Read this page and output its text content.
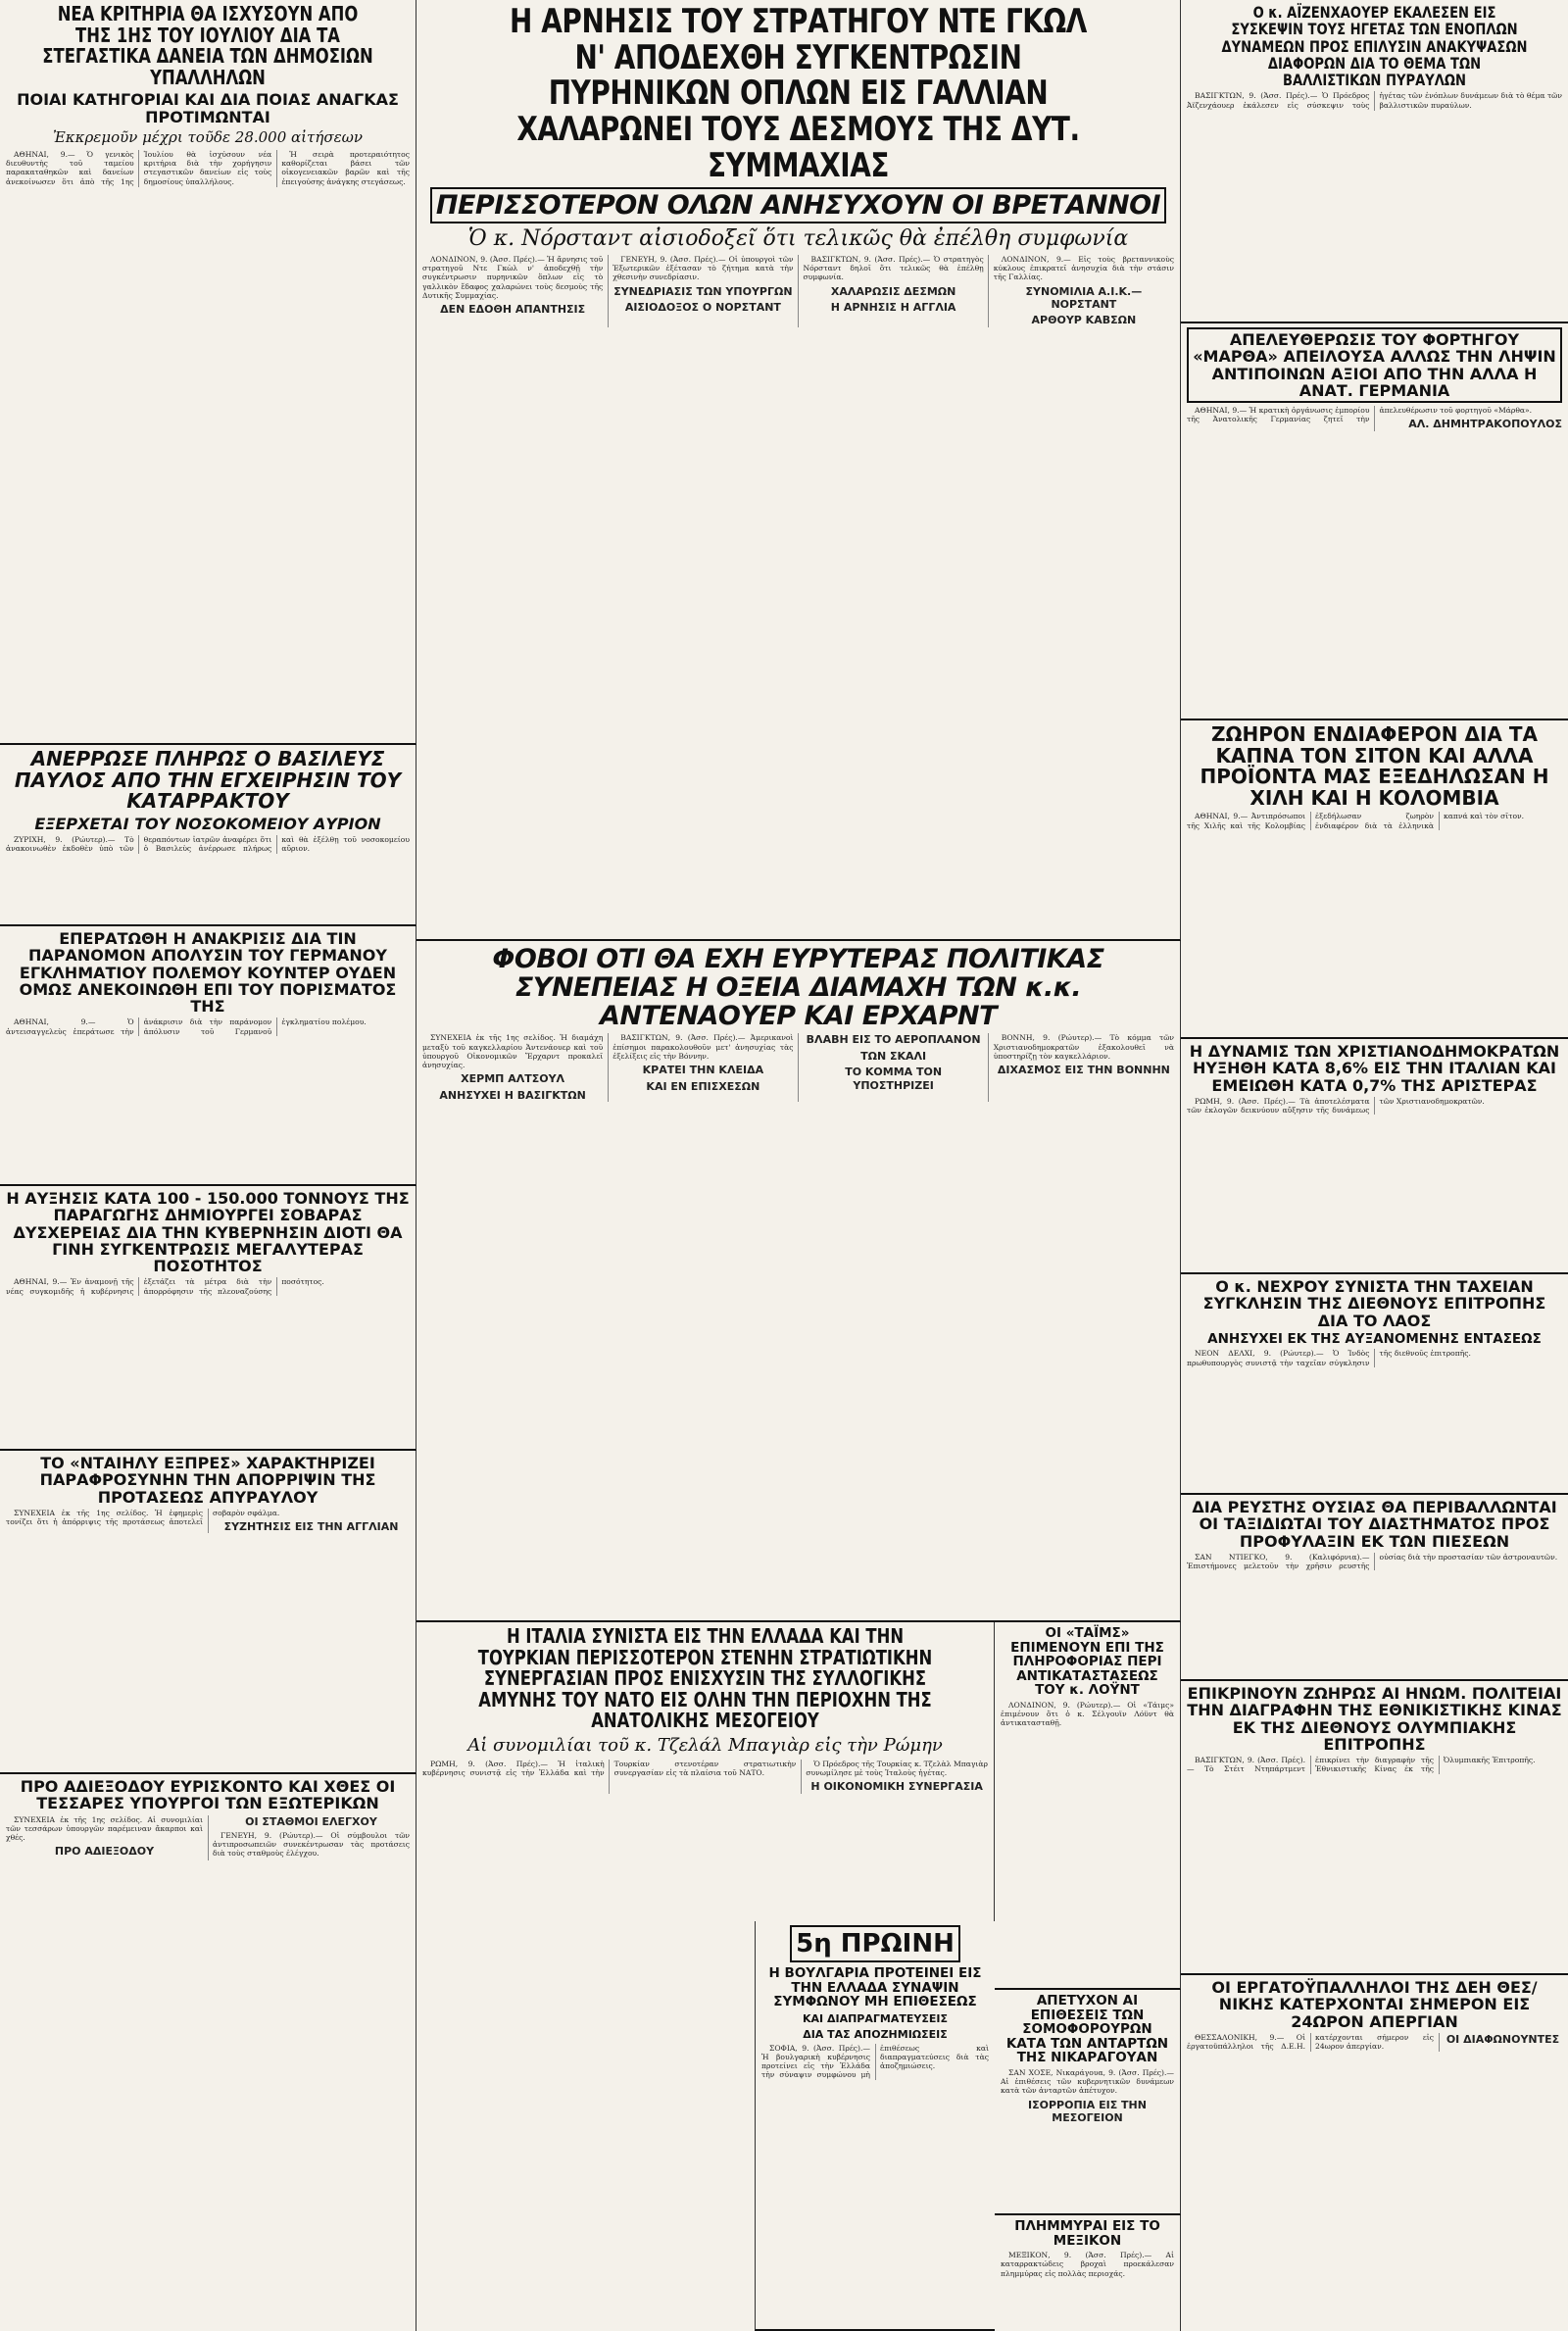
ΝΕΑ ΚΡΙΤΗΡΙΑ ΘΑ ΙΣΧΥΣΟΥΝ ΑΠΟ ΤΗΣ 1ΗΣ ΤΟΥ ΙΟΥΛΙΟΥ ΔΙΑ ΤΑ ΣΤΕΓΑΣΤΙΚΑ ΔΑΝΕΙΑ ΤΩΝ ΔΗΜΟΣΙΩΝ ΥΠΑΛΛΗΛΩΝ
ΠΟΙΑΙ ΚΑΤΗΓΟΡΙΑΙ ΚΑΙ ΔΙΑ ΠΟΙΑΣ ΑΝΑΓΚΑΣ ΠΡΟΤΙΜΩΝΤΑΙ
Ἐκκρεμοῦν μέχρι τοῦδε 28.000 αἰτήσεων

ΑΘΗΝΑΙ, 9.— Ὁ γενικὸς διευθυντὴς τοῦ ταμείου παρακαταθηκῶν καὶ δανείων ἀνεκοίνωσεν ὅτι ἀπὸ τῆς 1ης Ἰουλίου θὰ ἰσχύσουν νέα κριτήρια διὰ τὴν χορήγησιν στεγαστικῶν δανείων εἰς τοὺς δημοσίους ὑπαλλήλους.

Ἡ σειρὰ προτεραιότητος καθορίζεται βάσει τῶν οἰκογενειακῶν βαρῶν καὶ τῆς ἐπειγούσης ἀνάγκης στεγάσεως.

ΑΝΕΡΡΩΣΕ ΠΛΗΡΩΣ Ο ΒΑΣΙΛΕΥΣ ΠΑΥΛΟΣ ΑΠΟ ΤΗΝ ΕΓΧΕΙΡΗΣΙΝ ΤΟΥ ΚΑΤΑΡΡΑΚΤΟΥ
ΕΞΕΡΧΕΤΑΙ ΤΟΥ ΝΟΣΟΚΟΜΕΙΟΥ ΑΥΡΙΟΝ

ΖΥΡΙΧΗ, 9. (Ρώυτερ).— Τὸ ἀνακοινωθὲν ἐκδοθὲν ὑπὸ τῶν θεραπόντων ἰατρῶν ἀναφέρει ὅτι ὁ Βασιλεὺς ἀνέρρωσε πλήρως καὶ θὰ ἐξέλθῃ τοῦ νοσοκομείου αὔριον.

ΕΠΕΡΑΤΩΘΗ Η ΑΝΑΚΡΙΣΙΣ ΔΙΑ ΤΙΝ ΠΑΡΑΝΟΜΟΝ ΑΠΟΛΥΣΙΝ ΤΟΥ ΓΕΡΜΑΝΟΥ ΕΓΚΛΗΜΑΤΙΟΥ ΠΟΛΕΜΟΥ ΚΟΥΝΤΕΡ ΟΥΔΕΝ ΟΜΩΣ ΑΝΕΚΟΙΝΩΘΗ ΕΠΙ ΤΟΥ ΠΟΡΙΣΜΑΤΟΣ ΤΗΣ

ΑΘΗΝΑΙ, 9.— Ὁ ἀντεισαγγελεὺς ἐπεράτωσε τὴν ἀνάκρισιν διὰ τὴν παράνομον ἀπόλυσιν τοῦ Γερμανοῦ ἐγκληματίου πολέμου.

Η ΑΥΞΗΣΙΣ ΚΑΤΑ 100 - 150.000 ΤΟΝΝΟΥΣ ΤΗΣ ΠΑΡΑΓΩΓΗΣ ΔΗΜΙΟΥΡΓΕΙ ΣΟΒΑΡΑΣ ΔΥΣΧΕΡΕΙΑΣ ΔΙΑ ΤΗΝ ΚΥΒΕΡΝΗΣΙΝ ΔΙΟΤΙ ΘΑ ΓΙΝΗ ΣΥΓΚΕΝΤΡΩΣΙΣ ΜΕΓΑΛΥΤΕΡΑΣ ΠΟΣΟΤΗΤΟΣ

ΑΘΗΝΑΙ, 9.— Ἐν ἀναμονῇ τῆς νέας συγκομιδῆς ἡ κυβέρνησις ἐξετάζει τὰ μέτρα διὰ τὴν ἀπορρόφησιν τῆς πλεοναζούσης ποσότητος.

ΤΟ «ΝΤΑΙΗΛΥ ΕΞΠΡΕΣ» ΧΑΡΑΚΤΗΡΙΖΕΙ ΠΑΡΑΦΡΟΣΥΝΗΝ ΤΗΝ ΑΠΟΡΡΙΨΙΝ ΤΗΣ ΠΡΟΤΑΣΕΩΣ ΑΠΥΡΑΥΛΟΥ

ΣΥΝΕΧΕΙΑ ἐκ τῆς 1ης σελίδος. Ἡ ἐφημερὶς τονίζει ὅτι ἡ ἀπόρριψις τῆς προτάσεως ἀποτελεῖ σοβαρὸν σφάλμα.

ΣΥΖΗΤΗΣΙΣ ΕΙΣ ΤΗΝ ΑΓΓΛΙΑΝ
ΠΡΟ ΑΔΙΕΞΟΔΟΥ ΕΥΡΙΣΚΟΝΤΟ ΚΑΙ ΧΘΕΣ ΟΙ ΤΕΣΣΑΡΕΣ ΥΠΟΥΡΓΟΙ ΤΩΝ ΕΞΩΤΕΡΙΚΩΝ

ΣΥΝΕΧΕΙΑ ἐκ τῆς 1ης σελίδος. Αἱ συνομιλίαι τῶν τεσσάρων ὑπουργῶν παρέμειναν ἄκαρποι καὶ χθές.

ΠΡΟ ΑΔΙΕΞΟΔΟΥ
ΟΙ ΣΤΑΘΜΟΙ ΕΛΕΓΧΟΥ

ΓΕΝΕΥΗ, 9. (Ρώυτερ).— Οἱ σύμβουλοι τῶν ἀντιπροσωπειῶν συνεκέντρωσαν τὰς προτάσεις διὰ τοὺς σταθμοὺς ἐλέγχου.

Η ΑΡΝΗΣΙΣ ΤΟΥ ΣΤΡΑΤΗΓΟΥ ΝΤΕ ΓΚΩΛ Ν' ΑΠΟΔΕΧΘΗ ΣΥΓΚΕΝΤΡΩΣΙΝ ΠΥΡΗΝΙΚΩΝ ΟΠΛΩΝ ΕΙΣ ΓΑΛΛΙΑΝ ΧΑΛΑΡΩΝΕΙ ΤΟΥΣ ΔΕΣΜΟΥΣ ΤΗΣ ΔΥΤ. ΣΥΜΜΑΧΙΑΣ
ΠΕΡΙΣΣΟΤΕΡΟΝ ΟΛΩΝ ΑΝΗΣΥΧΟΥΝ ΟΙ ΒΡΕΤΑΝΝΟΙ
Ὁ κ. Νόρσταντ αἰσιοδοξεῖ ὅτι τελικῶς θὰ ἐπέλθη συμφωνία

ΛΟΝΔΙΝΟΝ, 9. (Ἀσσ. Πρές).— Ἡ ἄρνησις τοῦ στρατηγοῦ Ντε Γκὼλ ν' ἀποδεχθῇ τὴν συγκέντρωσιν πυρηνικῶν ὅπλων εἰς τὸ γαλλικὸν ἔδαφος χαλαρώνει τοὺς δεσμοὺς τῆς Δυτικῆς Συμμαχίας.

ΔΕΝ ΕΔΟΘΗ ΑΠΑΝΤΗΣΙΣ

ΓΕΝΕΥΗ, 9. (Ἀσσ. Πρές).— Οἱ ὑπουργοὶ τῶν Ἐξωτερικῶν ἐξέτασαν τὸ ζήτημα κατὰ τὴν χθεσινὴν συνεδρίασιν.

ΣΥΝΕΔΡΙΑΣΙΣ ΤΩΝ ΥΠΟΥΡΓΩΝ
ΑΙΣΙΟΔΟΞΟΣ Ο ΝΟΡΣΤΑΝΤ

ΒΑΣΙΓΚΤΩΝ, 9. (Ἀσσ. Πρές).— Ὁ στρατηγὸς Νόρσταντ δηλοῖ ὅτι τελικῶς θὰ ἐπέλθῃ συμφωνία.

ΧΑΛΑΡΩΣΙΣ ΔΕΣΜΩΝ
Η ΑΡΝΗΣΙΣ Η ΑΓΓΛΙΑ

ΛΟΝΔΙΝΟΝ, 9.— Εἰς τοὺς βρεταννικοὺς κύκλους ἐπικρατεῖ ἀνησυχία διὰ τὴν στάσιν τῆς Γαλλίας.

ΣΥΝΟΜΙΛΙΑ Α.Ι.Κ.—ΝΟΡΣΤΑΝΤ
ΑΡΘΟΥΡ ΚΑΒΣΩΝ
ΦΟΒΟΙ ΟΤΙ ΘΑ ΕΧΗ ΕΥΡΥΤΕΡΑΣ ΠΟΛΙΤΙΚΑΣ ΣΥΝΕΠΕΙΑΣ Η ΟΞΕΙΑ ΔΙΑΜΑΧΗ ΤΩΝ κ.κ. ΑΝΤΕΝΑΟΥΕΡ ΚΑΙ ΕΡΧΑΡΝΤ

ΣΥΝΕΧΕΙΑ ἐκ τῆς 1ης σελίδος. Ἡ διαμάχη μεταξὺ τοῦ καγκελλαρίου Ἀντενάουερ καὶ τοῦ ὑπουργοῦ Οἰκονομικῶν Ἔρχαρντ προκαλεῖ ἀνησυχίας.

ΧΕΡΜΠ ΑΛΤΣΟΥΛ
ΑΝΗΣΥΧΕΙ Η ΒΑΣΙΓΚΤΩΝ

ΒΑΣΙΓΚΤΩΝ, 9. (Ἀσσ. Πρές).— Ἀμερικανοὶ ἐπίσημοι παρακολουθοῦν μετ' ἀνησυχίας τὰς ἐξελίξεις εἰς τὴν Βόννην.

ΚΡΑΤΕΙ ΤΗΝ ΚΛΕΙΔΑ
ΚΑΙ ΕΝ ΕΠΙΣΧΕΣΩΝ
ΒΛΑΒΗ ΕΙΣ ΤΟ ΑΕΡΟΠΛΑΝΟΝ
ΤΩΝ ΣΚΑΛΙ
ΤΟ ΚΟΜΜΑ ΤΟΝ ΥΠΟΣΤΗΡΙΖΕΙ

ΒΟΝΝΗ, 9. (Ρώυτερ).— Τὸ κόμμα τῶν Χριστιανοδημοκρατῶν ἐξακολουθεῖ νὰ ὑποστηρίζῃ τὸν καγκελλάριον.

ΔΙΧΑΣΜΟΣ ΕΙΣ ΤΗΝ ΒΟΝΝΗΝ
Η ΙΤΑΛΙΑ ΣΥΝΙΣΤΑ ΕΙΣ ΤΗΝ ΕΛΛΑΔΑ ΚΑΙ ΤΗΝ ΤΟΥΡΚΙΑΝ ΠΕΡΙΣΣΟΤΕΡΟΝ ΣΤΕΝΗΝ ΣΤΡΑΤΙΩΤΙΚΗΝ ΣΥΝΕΡΓΑΣΙΑΝ ΠΡΟΣ ΕΝΙΣΧΥΣΙΝ ΤΗΣ ΣΥΛΛΟΓΙΚΗΣ ΑΜΥΝΗΣ ΤΟΥ ΝΑΤΟ ΕΙΣ ΟΛΗΝ ΤΗΝ ΠΕΡΙΟΧΗΝ ΤΗΣ ΑΝΑΤΟΛΙΚΗΣ ΜΕΣΟΓΕΙΟΥ
Αἱ συνομιλίαι τοῦ κ. Τζελάλ Μπαγιὰρ εἰς τὴν Ρώμην

ΡΩΜΗ, 9. (Ἀσσ. Πρές).— Ἡ ἰταλικὴ κυβέρνησις συνιστᾷ εἰς τὴν Ἑλλάδα καὶ τὴν Τουρκίαν στενοτέραν στρατιωτικὴν συνεργασίαν εἰς τὰ πλαίσια τοῦ ΝΑΤΟ.

Ὁ Πρόεδρος τῆς Τουρκίας κ. Τζελὰλ Μπαγιὰρ συνωμίλησε μὲ τοὺς Ἰταλοὺς ἡγέτας.

Η ΟΙΚΟΝΟΜΙΚΗ ΣΥΝΕΡΓΑΣΙΑ
5η ΠΡΩΙΝΗ
Η ΒΟΥΛΓΑΡΙΑ ΠΡΟΤΕΙΝΕΙ ΕΙΣ ΤΗΝ ΕΛΛΑΔΑ ΣΥΝΑΨΙΝ ΣΥΜΦΩΝΟΥ ΜΗ ΕΠΙΘΕΣΕΩΣ
ΚΑΙ ΔΙΑΠΡΑΓΜΑΤΕΥΣΕΙΣ
ΔΙΑ ΤΑΣ ΑΠΟΖΗΜΙΩΣΕΙΣ

ΣΟΦΙΑ, 9. (Ἀσσ. Πρές).— Ἡ βουλγαρικὴ κυβέρνησις προτείνει εἰς τὴν Ἑλλάδα τὴν σύναψιν συμφώνου μὴ ἐπιθέσεως καὶ διαπραγματεύσεις διὰ τὰς ἀποζημιώσεις.

ΟΙ «ΤΑΪΜΣ» ΕΠΙΜΕΝΟΥΝ ΕΠΙ ΤΗΣ ΠΛΗΡΟΦΟΡΙΑΣ ΠΕΡΙ ΑΝΤΙΚΑΤΑΣΤΑΣΕΩΣ ΤΟΥ κ. ΛΟΫΝΤ

ΛΟΝΔΙΝΟΝ, 9. (Ρώυτερ).— Οἱ «Τάιμς» ἐπιμένουν ὅτι ὁ κ. Σέλγουϊν Λόϋντ θὰ ἀντικατασταθῇ.

ΑΠΕΤΥΧΟΝ ΑΙ ΕΠΙΘΕΣΕΙΣ ΤΩΝ ΣΟΜΟΦΟΡΟΥΡΩΝ ΚΑΤΑ ΤΩΝ ΑΝΤΑΡΤΩΝ ΤΗΣ ΝΙΚΑΡΑΓΟΥΑΝ

ΣΑΝ ΧΟΣΕ, Νικαράγουα, 9. (Ἀσσ. Πρές).— Αἱ ἐπιθέσεις τῶν κυβερνητικῶν δυνάμεων κατὰ τῶν ἀνταρτῶν ἀπέτυχον.

ΙΣΟΡΡΟΠΙΑ ΕΙΣ ΤΗΝ ΜΕΣΟΓΕΙΟΝ
ΠΛΗΜΜΥΡΑΙ ΕΙΣ ΤΟ ΜΕΞΙΚΟΝ

ΜΕΞΙΚΟΝ, 9. (Ἀσσ. Πρές).— Αἱ καταρρακτώδεις βροχαὶ προεκάλεσαν πλημμύρας εἰς πολλὰς περιοχάς.

Ο κ. ΑΪΖΕΝΧΑΟΥΕΡ ΕΚΑΛΕΣΕΝ ΕΙΣ ΣΥΣΚΕΨΙΝ ΤΟΥΣ ΗΓΕΤΑΣ ΤΩΝ ΕΝΟΠΛΩΝ ΔΥΝΑΜΕΩΝ ΠΡΟΣ ΕΠΙΛΥΣΙΝ ΑΝΑΚΥΨΑΣΩΝ ΔΙΑΦΟΡΩΝ ΔΙΑ ΤΟ ΘΕΜΑ ΤΩΝ ΒΑΛΛΙΣΤΙΚΩΝ ΠΥΡΑΥΛΩΝ

ΒΑΣΙΓΚΤΩΝ, 9. (Ἀσσ. Πρές).— Ὁ Πρόεδρος Ἀϊζενχάουερ ἐκάλεσεν εἰς σύσκεψιν τοὺς ἡγέτας τῶν ἐνόπλων δυνάμεων διὰ τὸ θέμα τῶν βαλλιστικῶν πυραύλων.

ΑΠΕΛΕΥΘΕΡΩΣΙΣ ΤΟΥ ΦΟΡΤΗΓΟΥ «ΜΑΡΘΑ» ΑΠΕΙΛΟΥΣΑ ΑΛΛΩΣ ΤΗΝ ΛΗΨΙΝ ΑΝΤΙΠΟΙΝΩΝ ΑΞΙΟΙ ΑΠΟ ΤΗΝ ΑΛΛΑ Η ΑΝΑΤ. ΓΕΡΜΑΝΙΑ

ΑΘΗΝΑΙ, 9.— Ἡ κρατικὴ ὀργάνωσις ἐμπορίου τῆς Ἀνατολικῆς Γερμανίας ζητεῖ τὴν ἀπελευθέρωσιν τοῦ φορτηγοῦ «Μάρθα».

ΑΛ. ΔΗΜΗΤΡΑΚΟΠΟΥΛΟΣ
ΖΩΗΡΟΝ ΕΝΔΙΑΦΕΡΟΝ ΔΙΑ ΤΑ ΚΑΠΝΑ ΤΟΝ ΣΙΤΟΝ ΚΑΙ ΑΛΛΑ ΠΡΟΪΟΝΤΑ ΜΑΣ ΕΞΕΔΗΛΩΣΑΝ Η ΧΙΛΗ ΚΑΙ Η ΚΟΛΟΜΒΙΑ

ΑΘΗΝΑΙ, 9.— Ἀντιπρόσωποι τῆς Χιλῆς καὶ τῆς Κολομβίας ἐξεδήλωσαν ζωηρὸν ἐνδιαφέρον διὰ τὰ ἑλληνικὰ καπνά καὶ τὸν σῖτον.

Η ΔΥΝΑΜΙΣ ΤΩΝ ΧΡΙΣΤΙΑΝΟΔΗΜΟΚΡΑΤΩΝ ΗΥΞΗΘΗ ΚΑΤΑ 8,6% ΕΙΣ ΤΗΝ ΙΤΑΛΙΑΝ ΚΑΙ ΕΜΕΙΩΘΗ ΚΑΤΑ 0,7% ΤΗΣ ΑΡΙΣΤΕΡΑΣ

ΡΩΜΗ, 9. (Ἀσσ. Πρές).— Τὰ ἀποτελέσματα τῶν ἐκλογῶν δεικνύουν αὔξησιν τῆς δυνάμεως τῶν Χριστιανοδημοκρατῶν.

Ο κ. ΝΕΧΡΟΥ ΣΥΝΙΣΤΑ ΤΗΝ ΤΑΧΕΙΑΝ ΣΥΓΚΛΗΣΙΝ ΤΗΣ ΔΙΕΘΝΟΥΣ ΕΠΙΤΡΟΠΗΣ ΔΙΑ ΤΟ ΛΑΟΣ
ΑΝΗΣΥΧΕΙ ΕΚ ΤΗΣ ΑΥΞΑΝΟΜΕΝΗΣ ΕΝΤΑΣΕΩΣ

ΝΕΟΝ ΔΕΛΧΙ, 9. (Ρώυτερ).— Ὁ Ἰνδὸς πρωθυπουργὸς συνιστᾷ τὴν ταχεῖαν σύγκλησιν τῆς διεθνοῦς ἐπιτροπῆς.

ΔΙΑ ΡΕΥΣΤΗΣ ΟΥΣΙΑΣ ΘΑ ΠΕΡΙΒΑΛΛΩΝΤΑΙ ΟΙ ΤΑΞΙΔΙΩΤΑΙ ΤΟΥ ΔΙΑΣΤΗΜΑΤΟΣ ΠΡΟΣ ΠΡΟΦΥΛΑΞΙΝ ΕΚ ΤΩΝ ΠΙΕΣΕΩΝ

ΣΑΝ ΝΤΙΕΓΚΟ, 9. (Καλιφόρνια).— Ἐπιστήμονες μελετοῦν τὴν χρῆσιν ρευστῆς οὐσίας διὰ τὴν προστασίαν τῶν ἀστροναυτῶν.

ΕΠΙΚΡΙΝΟΥΝ ΖΩΗΡΩΣ ΑΙ ΗΝΩΜ. ΠΟΛΙΤΕΙΑΙ ΤΗΝ ΔΙΑΓΡΑΦΗΝ ΤΗΣ ΕΘΝΙΚΙΣΤΙΚΗΣ ΚΙΝΑΣ ΕΚ ΤΗΣ ΔΙΕΘΝΟΥΣ ΟΛΥΜΠΙΑΚΗΣ ΕΠΙΤΡΟΠΗΣ

ΒΑΣΙΓΚΤΩΝ, 9. (Ἀσσ. Πρές).— Τὸ Στέιτ Ντηπάρτμεντ ἐπικρίνει τὴν διαγραφὴν τῆς Ἐθνικιστικῆς Κίνας ἐκ τῆς Ὀλυμπιακῆς Ἐπιτροπῆς.

ΟΙ ΕΡΓΑΤΟΫΠΑΛΛΗΛΟΙ ΤΗΣ ΔΕΗ ΘΕΣ/ΝΙΚΗΣ ΚΑΤΕΡΧΟΝΤΑΙ ΣΗΜΕΡΟΝ ΕΙΣ 24ΩΡΟΝ ΑΠΕΡΓΙΑΝ

ΘΕΣΣΑΛΟΝΙΚΗ, 9.— Οἱ ἐργατοϋπάλληλοι τῆς Δ.Ε.Η. κατέρχονται σήμερον εἰς 24ωρον ἀπεργίαν.

ΟΙ ΔΙΑΦΩΝΟΥΝΤΕΣ
